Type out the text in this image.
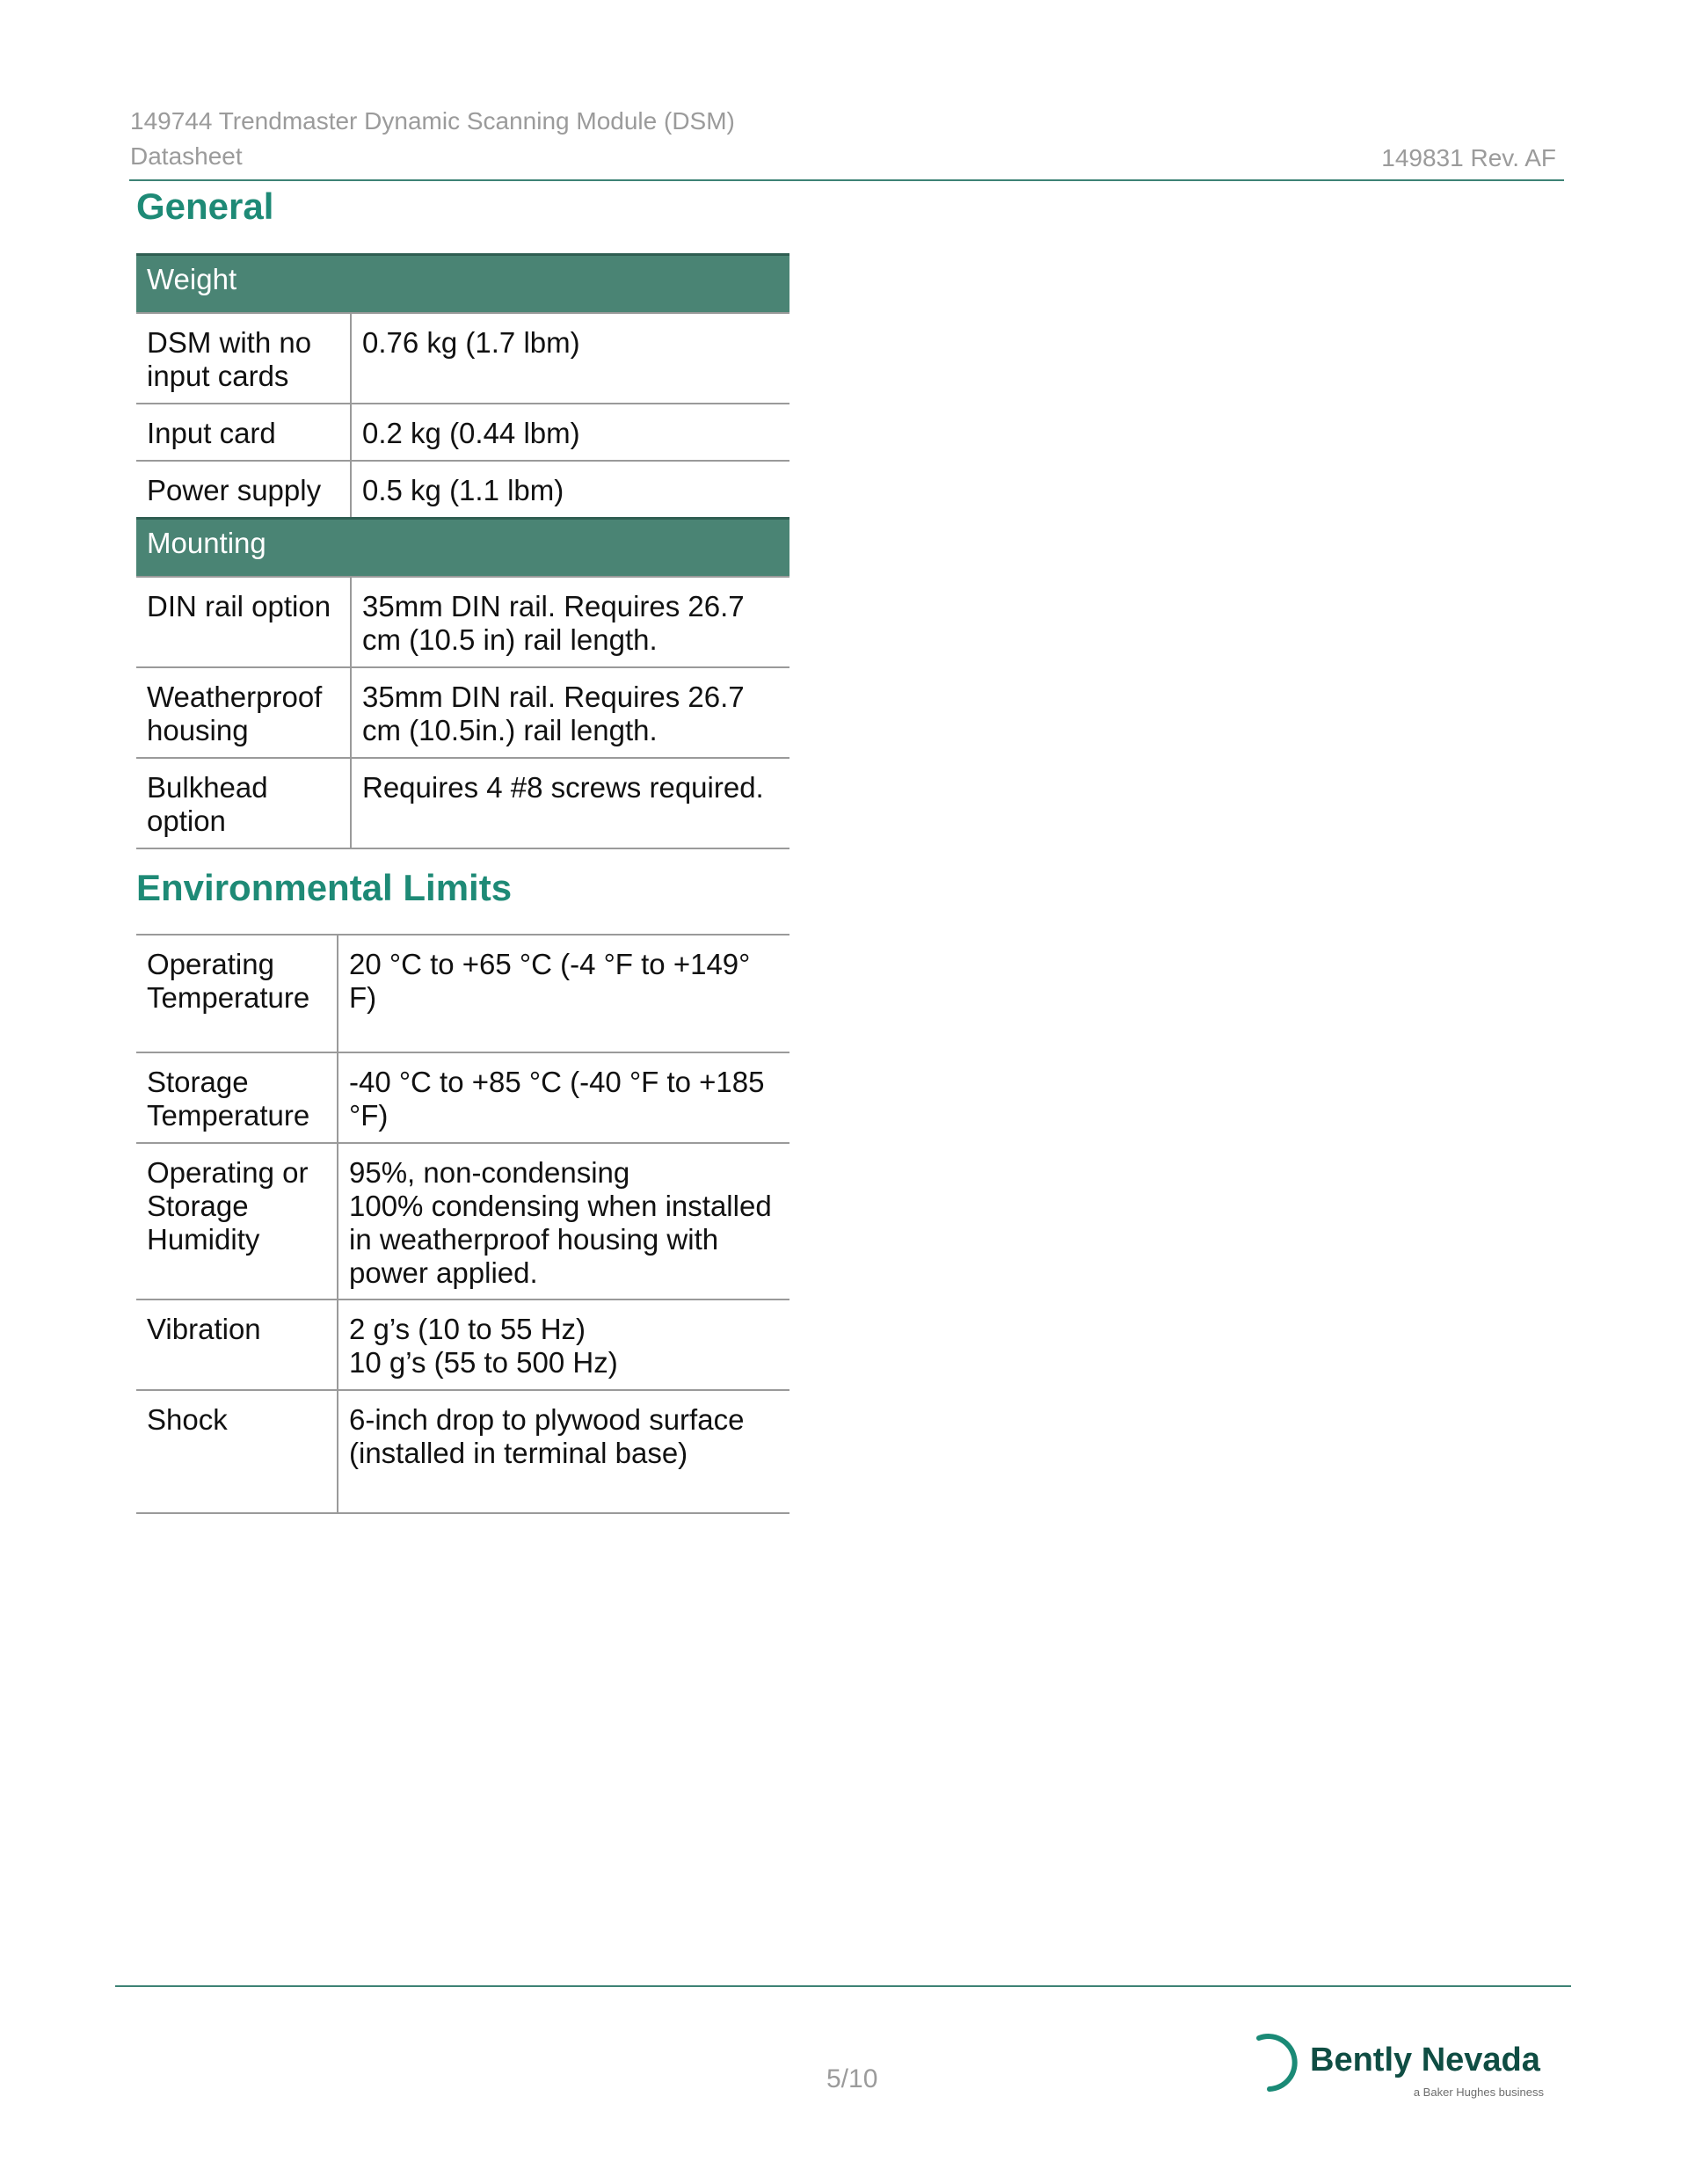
149744 Trendmaster Dynamic Scanning Module (DSM)
Datasheet	149831 Rev. AF
General
Weight	
DSM with no input cards	0.76 kg (1.7 lbm)
Input card	0.2 kg (0.44 lbm)
Power supply	0.5 kg (1.1 lbm)
Mounting	
DIN rail option	35mm DIN rail. Requires 26.7 cm (10.5 in) rail length.
Weatherproof housing	35mm DIN rail. Requires 26.7 cm (10.5in.) rail length.
Bulkhead option	Requires 4 #8 screws required.
Environmental Limits
Operating Temperature	20 °C to +65 °C (-4 °F to +149° F)
Storage Temperature	-40 °C to +85 °C (-40 °F to +185 °F)
Operating or Storage Humidity	95%, non-condensing
100% condensing when installed in weatherproof housing with power applied.
Vibration	2 g’s (10 to 55 Hz)
10 g’s (55 to 500 Hz)
Shock	6-inch drop to plywood surface (installed in terminal base)
5/10
Bently Nevada
a Baker Hughes business
